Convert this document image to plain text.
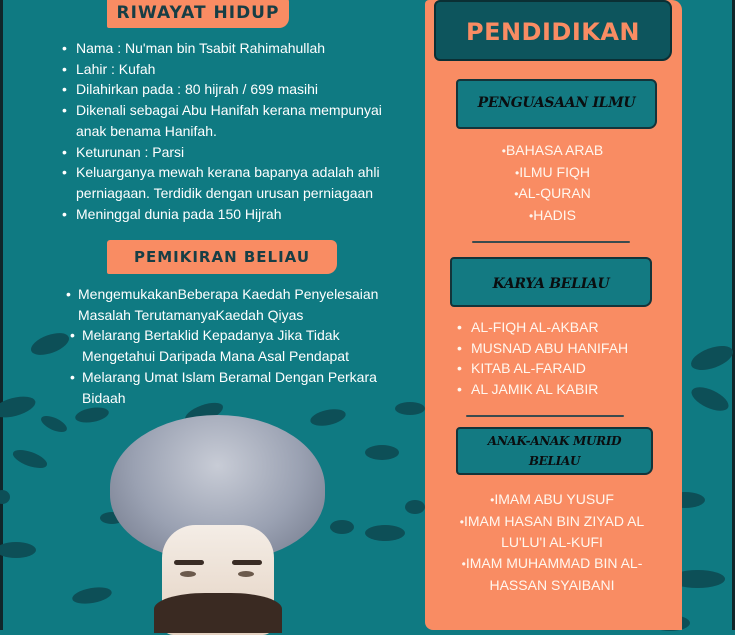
RIWAYAT HIDUP
• Nama : Nu'man bin Tsabit Rahimahullah
• Lahir : Kufah
• Dilahirkan pada : 80 hijrah / 699 masihi
• Dikenali sebagai Abu Hanifah kerana mempunyai anak benama Hanifah.
• Keturunan : Parsi
• Keluarganya mewah kerana bapanya adalah ahli perniagaan. Terdidik dengan urusan perniagaan
• Meninggal dunia pada 150 Hijrah
PEMIKIRAN BELIAU
• MengemukakanBeberapa Kaedah Penyelesaian Masalah TerutamanyaKaedah Qiyas
• Melarang Bertaklid Kepadanya Jika Tidak Mengetahui Daripada Mana Asal Pendapat
• Melarang Umat Islam Beramal Dengan Perkara Bidaah
PENDIDIKAN
PENGUASAAN ILMU
•BAHASA ARAB
•ILMU FIQH
•AL-QURAN
•HADIS
KARYA BELIAU
• AL-FIQH AL-AKBAR
• MUSNAD ABU HANIFAH
• KITAB AL-FARAID
• AL JAMIK AL KABIR
ANAK-ANAK MURID
BELIAU
•IMAM ABU YUSUF
•IMAM HASAN BIN ZIYAD AL LU'LU'I AL-KUFI
•IMAM MUHAMMAD BIN AL-HASSAN SYAIBANI
